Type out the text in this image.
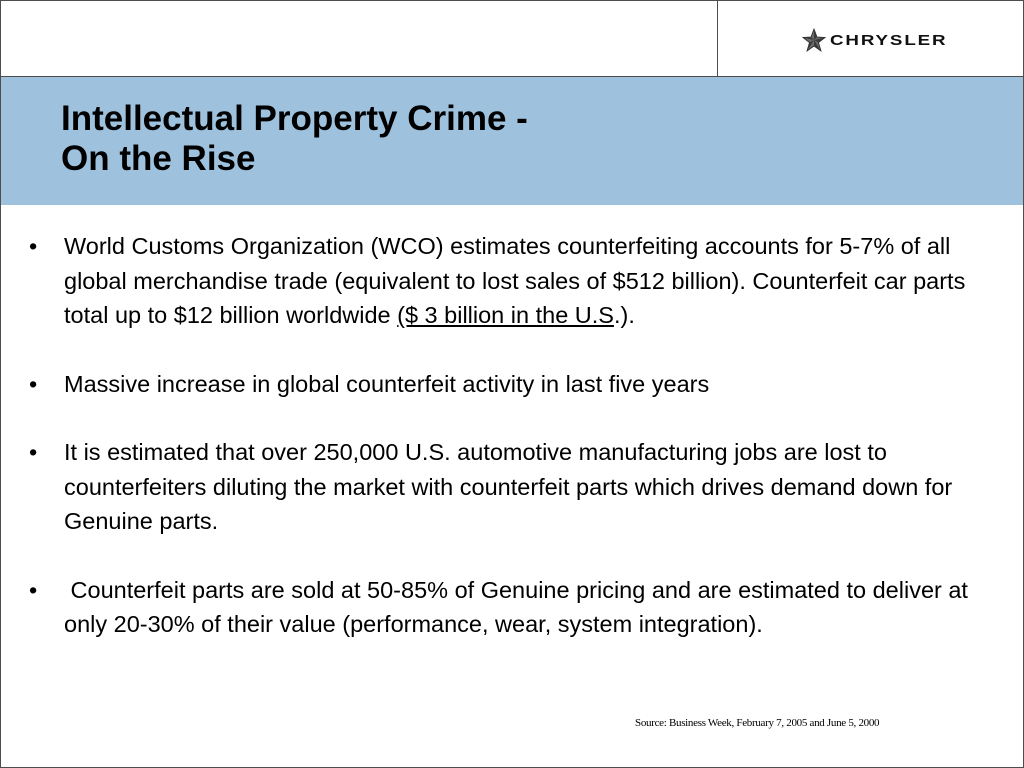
CHRYSLER
Intellectual Property Crime -
On the Rise
• World Customs Organization (WCO) estimates counterfeiting accounts for 5-7% of all global merchandise trade (equivalent to lost sales of $512 billion). Counterfeit car parts total up to $12 billion worldwide ($ 3 billion in the U.S.).
• Massive increase in global counterfeit activity in last five years
• It is estimated that over 250,000 U.S. automotive manufacturing jobs are lost to counterfeiters diluting the market with counterfeit parts which drives demand down for Genuine parts.
• Counterfeit parts are sold at 50-85% of Genuine pricing and are estimated to deliver at only 20-30% of their value (performance, wear, system integration).
Source: Business Week, February 7, 2005 and June 5, 2000
